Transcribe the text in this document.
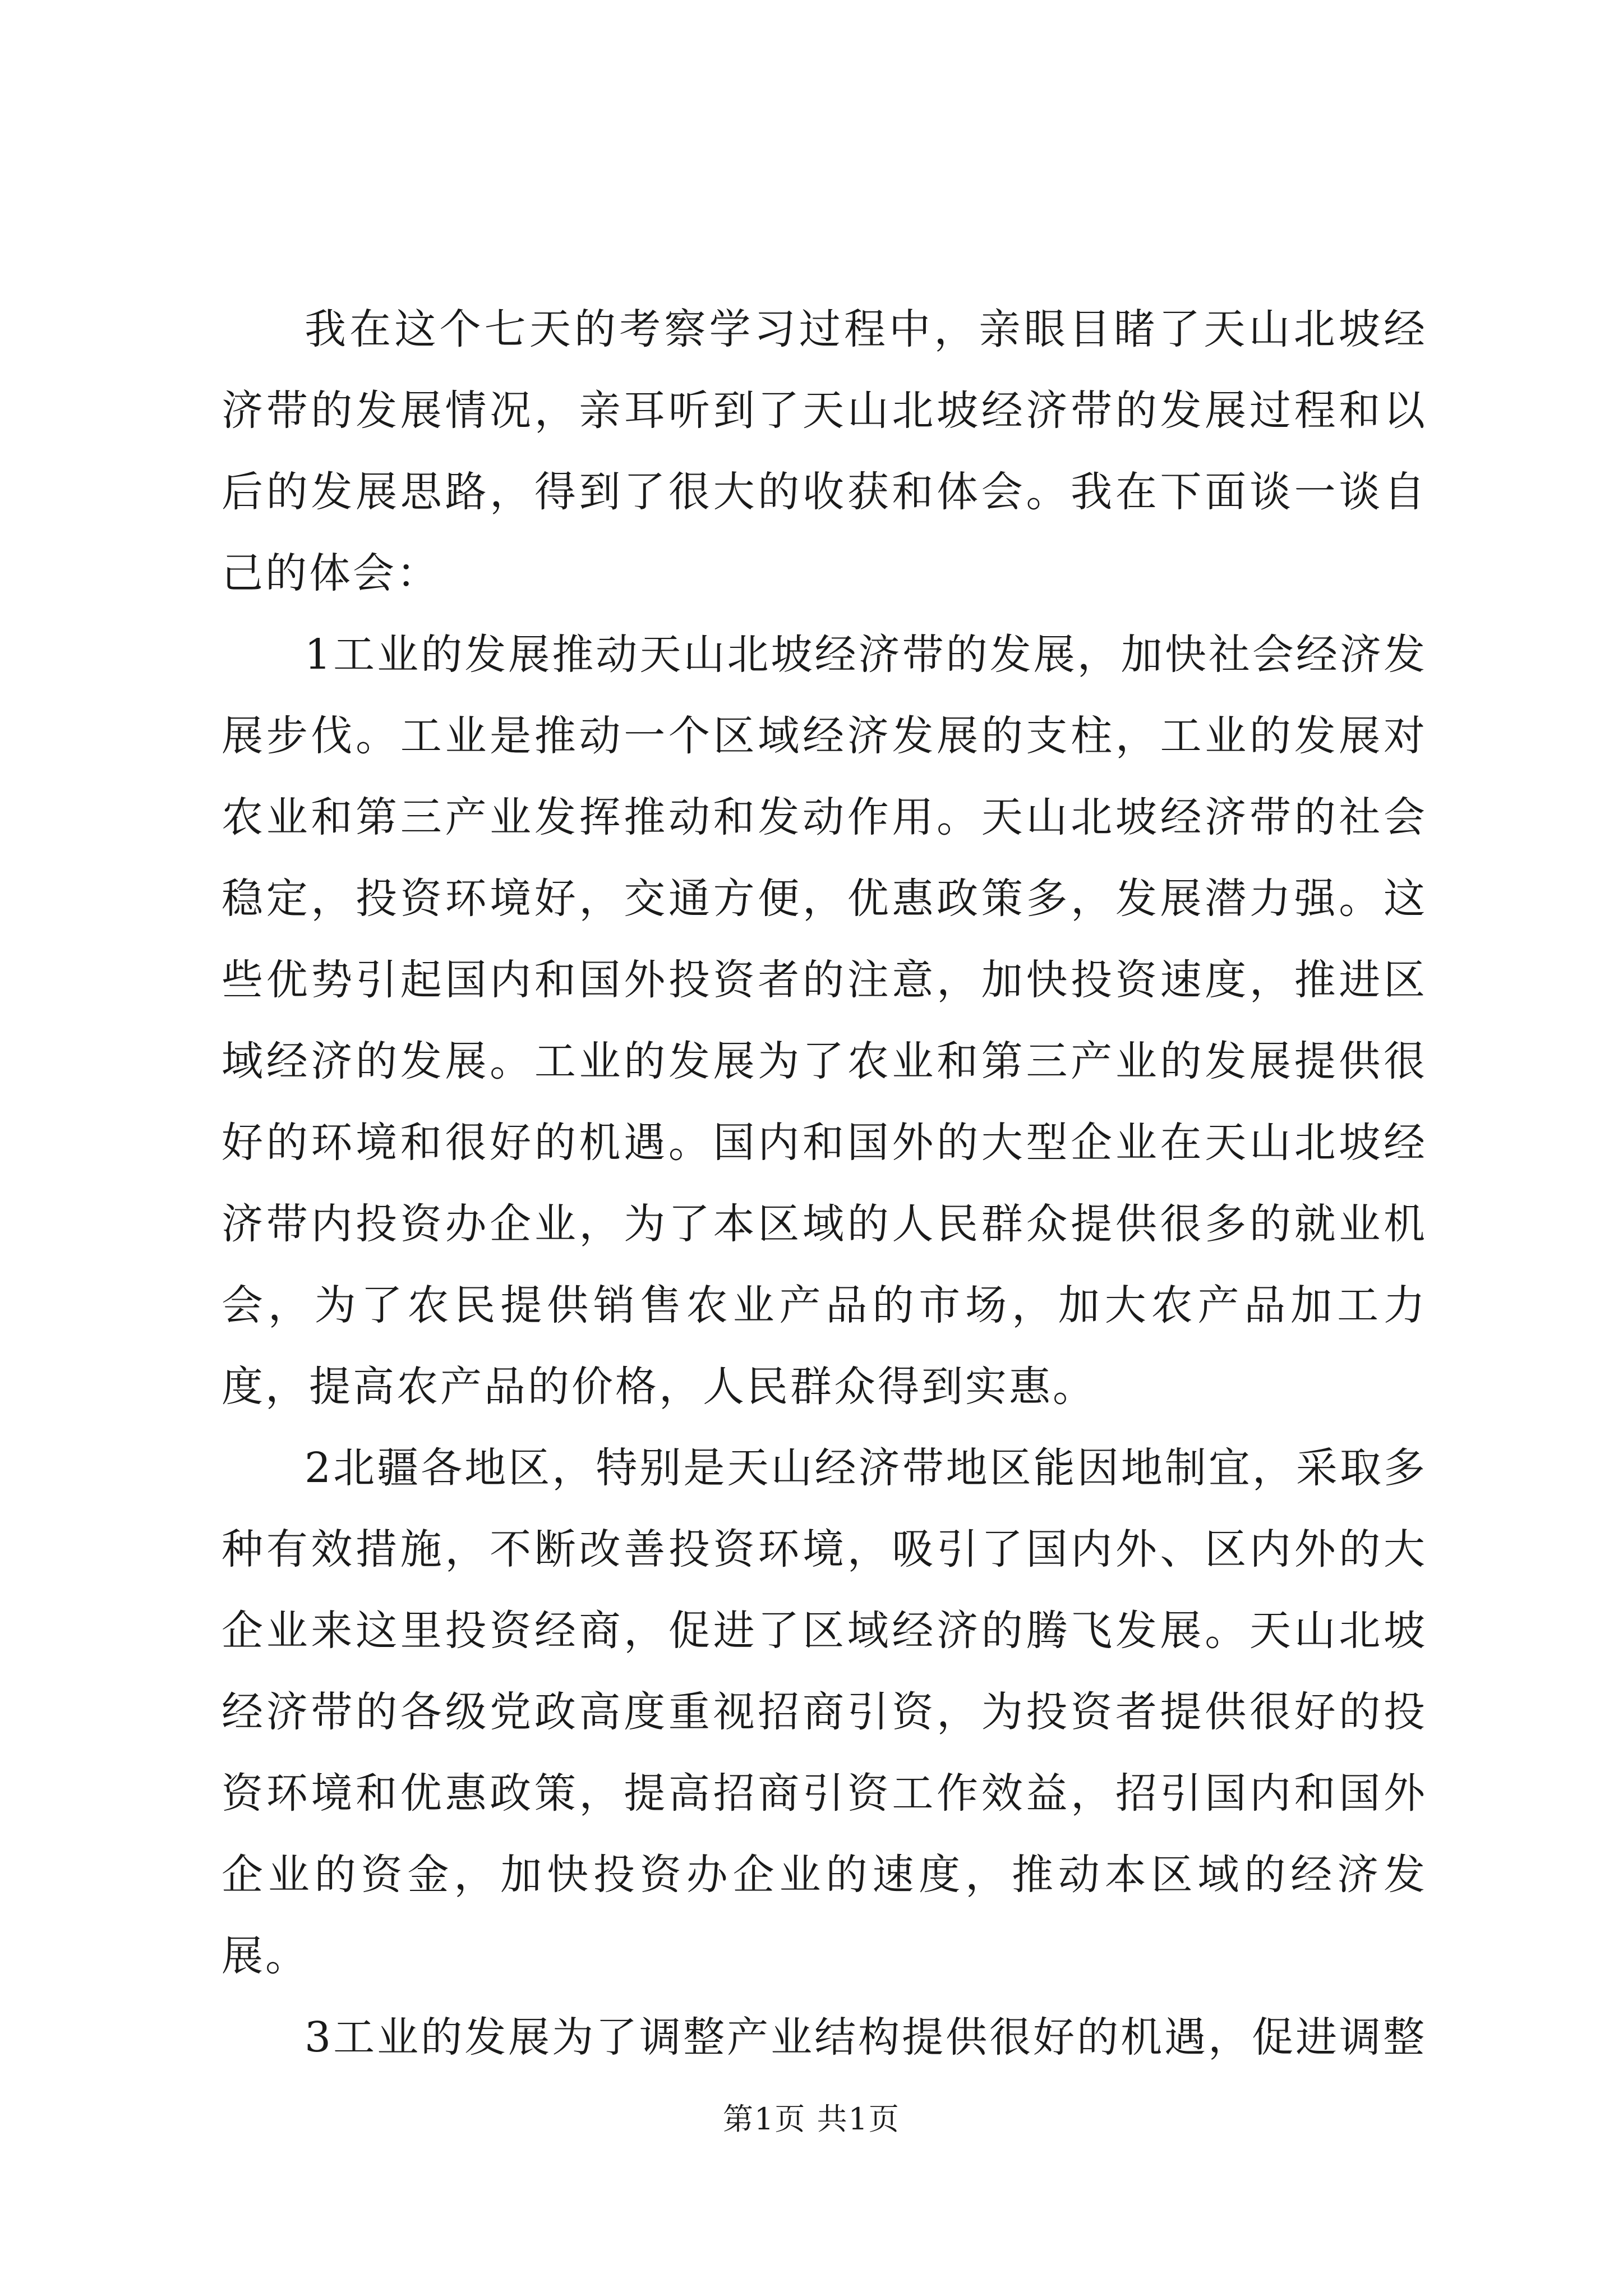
我在这个七天的考察学习过程中，亲眼目睹了天山北坡经济带的发展情况，亲耳听到了天山北坡经济带的发展过程和以后的发展思路，得到了很大的收获和体会。我在下面谈一谈自己的体会：

1工业的发展推动天山北坡经济带的发展，加快社会经济发展步伐。工业是推动一个区域经济发展的支柱，工业的发展对农业和第三产业发挥推动和发动作用。天山北坡经济带的社会稳定，投资环境好，交通方便，优惠政策多，发展潜力强。这些优势引起国内和国外投资者的注意，加快投资速度，推进区域经济的发展。工业的发展为了农业和第三产业的发展提供很好的环境和很好的机遇。国内和国外的大型企业在天山北坡经济带内投资办企业，为了本区域的人民群众提供很多的就业机会，为了农民提供销售农业产品的市场，加大农产品加工力度，提高农产品的价格，人民群众得到实惠。

2北疆各地区，特别是天山经济带地区能因地制宜，采取多种有效措施，不断改善投资环境，吸引了国内外、区内外的大企业来这里投资经商，促进了区域经济的腾飞发展。天山北坡经济带的各级党政高度重视招商引资，为投资者提供很好的投资环境和优惠政策，提高招商引资工作效益，招引国内和国外企业的资金，加快投资办企业的速度，推动本区域的经济发展。

3工业的发展为了调整产业结构提供很好的机遇，促进调整

第1页 共1页
